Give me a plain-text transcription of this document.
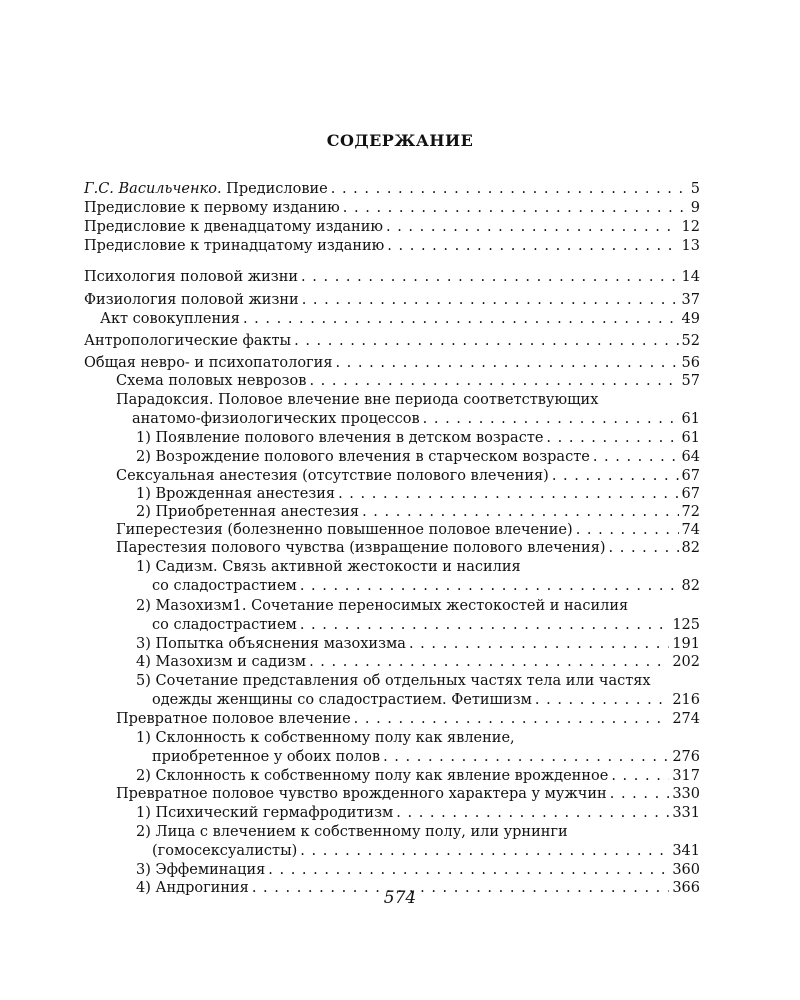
СОДЕРЖАНИЕ
Г.С. Васильченко. Предисловие . . .	5
Предисловие к первому изданию . . .	9
Предисловие к двенадцатому изданию . . .	12
Предисловие к тринадцатому изданию . . .	13
Психология половой жизни . . .	14
Физиология половой жизни . . .	37
Акт совокупления . . .	49
Антропологические факты . . .	52
Общая невро- и психопатология . . .	56
Схема половых неврозов . . .	57
Парадоксия. Половое влечение вне периода соответствующих
анатомо-физиологических процессов . . .	61
1) Появление полового влечения в детском возрасте . . .	61
2) Возрождение полового влечения в старческом возрасте . . .	64
Сексуальная анестезия (отсутствие полового влечения) . . .	67
1) Врожденная анестезия . . .	67
2) Приобретенная анестезия . . .	72
Гиперестезия (болезненно повышенное половое влечение) . . .	74
Парестезия полового чувства (извращение полового влечения) . . .	82
1) Садизм. Связь активной жестокости и насилия
со сладострастием . . .	82
2) Мазохизм1. Сочетание переносимых жестокостей и насилия
со сладострастием . . .	125
3) Попытка объяснения мазохизма . . .	191
4) Мазохизм и садизм . . .	202
5) Сочетание представления об отдельных частях тела или частях
одежды женщины со сладострастием. Фетишизм . . .	216
Превратное половое влечение . . .	274
1) Склонность к собственному полу как явление,
приобретенное у обоих полов . . .	276
2) Склонность к собственному полу как явление врожденное . . .	317
Превратное половое чувство врожденного характера у мужчин . . .	330
1) Психический гермафродитизм . . .	331
2) Лица с влечением к собственному полу, или урнинги
(гомосексуалисты) . . .	341
3) Эффеминация . . .	360
4) Андрогиния . . .	366
574
